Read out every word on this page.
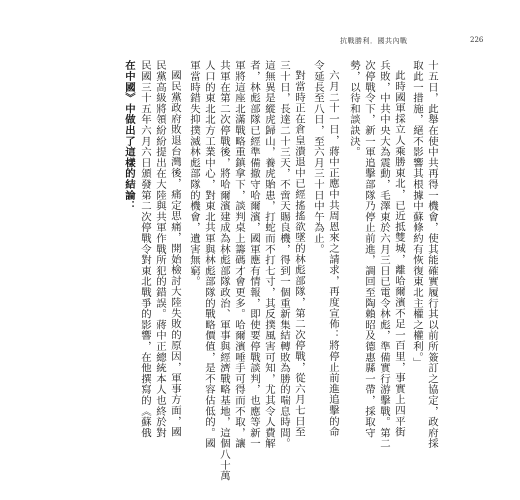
抗戰勝利．國共內戰	226
十五日，此舉在使中共再得一機會，使其能確實履行其以前所簽訂之協定，政府採
取此一措施，絕不影響其根據中蘇條約有恢復東北主權之權利。」
此時國軍採立人乘勝東北，已近抵雙城，離哈爾濱不足一百里，事實上四平街
兵敗，中共中央大為震動，毛澤東於六月三日已電令林彪，準備實行游擊戰。第二
次停戰令下，新一軍追擊部隊乃停止前進，調回至陶賴昭及德惠縣一帶，採取守
勢，以待和談訣決。
六月二十一日，蔣中正應中共周恩來之請求，再度宣佈：將停止前進追擊的命
令延長至八日，至六月三十日中午為止。
對當時正在倉皇潰退中已經搖搖欲墜的林彪部隊，第二次停戰，從六月七日至
三十日，長達二十三天，不啻天賜良機，得到一個重新集結轉敗為勝的喘息時間。
這無異是縱虎歸山，養虎貽患，打蛇而不打七寸，其反撲風害可知，尤其令人費解
者，林彪部隊已經準備撤守哈爾濱，國軍應有情報，即使要停戰談判，也應等新一
軍將這座北滿戰略重鎮拿下，談判桌上籌碼才會更多。哈爾濱唾手可得而不取，讓
共軍在第二次停戰後，將哈爾濱建成為林彪部隊政治、軍事與經濟戰略基地，這個八十萬
人口的東北北方工業中心，對東北共軍與林彪部隊的戰略價值，是不容估低的。國
軍當時錯失抑撲滅林彪部隊的機會，遺害無窮。
國民黨政府敗退台灣後，痛定思痛，開始檢討大陸失敗的原因，軍事方面，國
民黨高級將領紛紛提出在大陸與共軍作戰所犯的錯誤。蔣中正總統本人也終於對
民國三十五年六月六日頒發第二次停戰令對東北戰爭的影響，在他撰寫的《蘇俄
在中國》中做出了這樣的結論：
